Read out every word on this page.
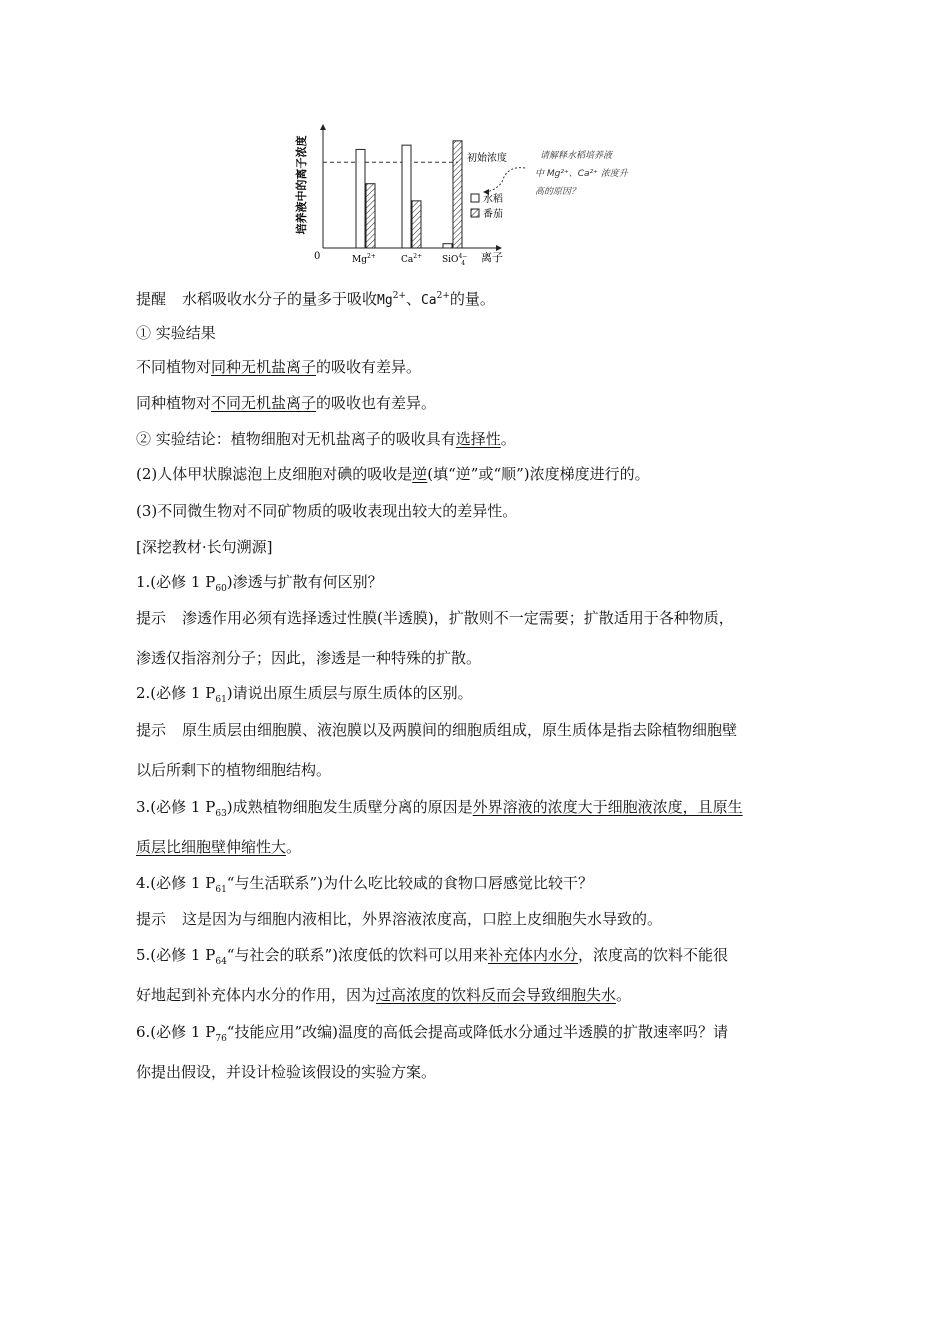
培养液中的离子浓度
0	离子
初始浓度
$Mg^{2+}$	$Ca^{2+}$ SiO$^{4-}$ 4
水稻
番茄
请解释水稻培养液
中 Mg²⁺、Ca²⁺ 浓度升
高的原因？
提醒 水稻吸收水分子的量多于吸收$Mg^{2+}$、$Ca^{2+}$的量。
① 实验结果
不同植物对同种无机盐离子的吸收有差异。
同种植物对不同无机盐离子的吸收也有差异。
② 实验结论：植物细胞对无机盐离子的吸收具有选择性。
(2)人体甲状腺滤泡上皮细胞对碘的吸收是逆(填“逆”或“顺”)浓度梯度进行的。
(3)不同微生物对不同矿物质的吸收表现出较大的差异性。
[深挖教材·长句溯源]
1.(必修 1 $P_{60}$)渗透与扩散有何区别？
提示 渗透作用必须有选择透过性膜(半透膜)，扩散则不一定需要；扩散适用于各种物质，
渗透仅指溶剂分子；因此，渗透是一种特殊的扩散。
2.(必修 1 $P_{61}$)请说出原生质层与原生质体的区别。
提示 原生质层由细胞膜、液泡膜以及两膜间的细胞质组成，原生质体是指去除植物细胞壁
以后所剩下的植物细胞结构。
3.(必修 1 $P_{63}$)成熟植物细胞发生质壁分离的原因是外界溶液的浓度大于细胞液浓度，且原生
质层比细胞壁伸缩性大。
4.(必修 1 $P_{61}“$与生活联系”)为什么吃比较咸的食物口唇感觉比较干？
提示 这是因为与细胞内液相比，外界溶液浓度高，口腔上皮细胞失水导致的。
5.(必修 1 $P_{64}“$与社会的联系”)浓度低的饮料可以用来补充体内水分，浓度高的饮料不能很
好地起到补充体内水分的作用，因为过高浓度的饮料反而会导致细胞失水。
6.(必修 1 $P_{76}“$技能应用”改编)温度的高低会提高或降低水分通过半透膜的扩散速率吗？请
你提出假设，并设计检验该假设的实验方案。
